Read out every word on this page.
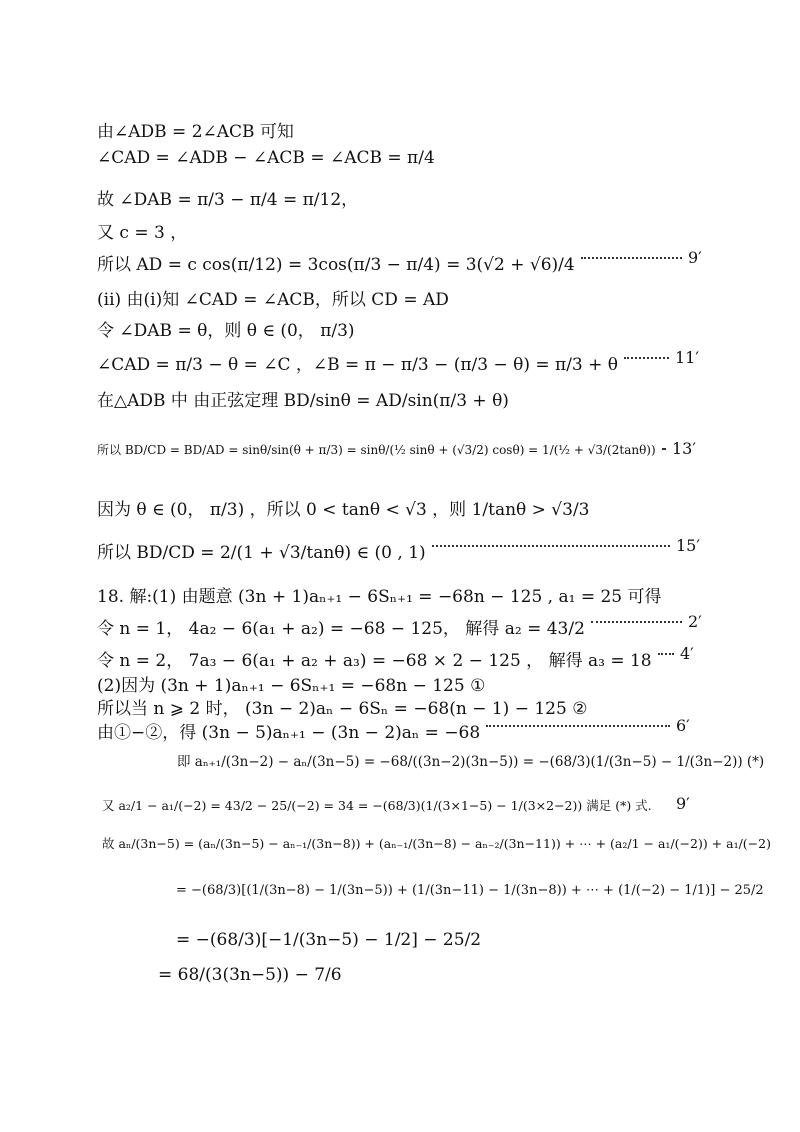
由∠ADB = 2∠ACB 可知
∠CAD = ∠ADB − ∠ACB = ∠ACB = π/4
故 ∠DAB = π/3 − π/4 = π/12，
又 c = 3 ，
所以 AD = c cos(π/12) = 3cos(π/3 − π/4) = 3(√2 + √6)/4	9′
(ii) 由(i)知 ∠CAD = ∠ACB，所以 CD = AD
令 ∠DAB = θ，则 θ ∈ (0， π/3)
∠CAD = π/3 − θ = ∠C ，∠B = π − π/3 − (π/3 − θ) = π/3 + θ	11′
在△ADB 中 由正弦定理 BD/sinθ = AD/sin(π/3 + θ)
所以 BD/CD = BD/AD = sinθ/sin(θ + π/3) = sinθ/(½ sinθ + (√3/2) cosθ) = 1/(½ + √3/(2tanθ)) 13′
因为 θ ∈ (0， π/3) ，所以 0 < tanθ < √3 ，则 1/tanθ > √3/3
所以 BD/CD = 2/(1 + √3/tanθ) ∈ (0 , 1)	15′
18. 解:(1) 由题意 (3n + 1)aₙ₊₁ − 6Sₙ₊₁ = −68n − 125 , a₁ = 25 可得
令 n = 1， 4a₂ − 6(a₁ + a₂) = −68 − 125， 解得 a₂ = 43/2	2′
令 n = 2， 7a₃ − 6(a₁ + a₂ + a₃) = −68 × 2 − 125 ， 解得 a₃ = 18 4′
(2)因为 (3n + 1)aₙ₊₁ − 6Sₙ₊₁ = −68n − 125 ①
所以当 n ⩾ 2 时， (3n − 2)aₙ − 6Sₙ = −68(n − 1) − 125 ②
由①−②，得 (3n − 5)aₙ₊₁ − (3n − 2)aₙ = −68	6′
即 aₙ₊₁/(3n−2) − aₙ/(3n−5) = −68/((3n−2)(3n−5)) = −(68/3)(1/(3n−5) − 1/(3n−2)) (*)
又 a₂/1 − a₁/(−2) = 43/2 − 25/(−2) = 34 = −(68/3)(1/(3×1−5) − 1/(3×2−2)) 满足 (*) 式. 9′
故 aₙ/(3n−5) = (aₙ/(3n−5) − aₙ₋₁/(3n−8)) + (aₙ₋₁/(3n−8) − aₙ₋₂/(3n−11)) + ⋯ + (a₂/1 − a₁/(−2)) + a₁/(−2)
= −(68/3)[(1/(3n−8) − 1/(3n−5)) + (1/(3n−11) − 1/(3n−8)) + ⋯ + (1/(−2) − 1/1)] − 25/2
= −(68/3)[−1/(3n−5) − 1/2] − 25/2
= 68/(3(3n−5)) − 7/6
